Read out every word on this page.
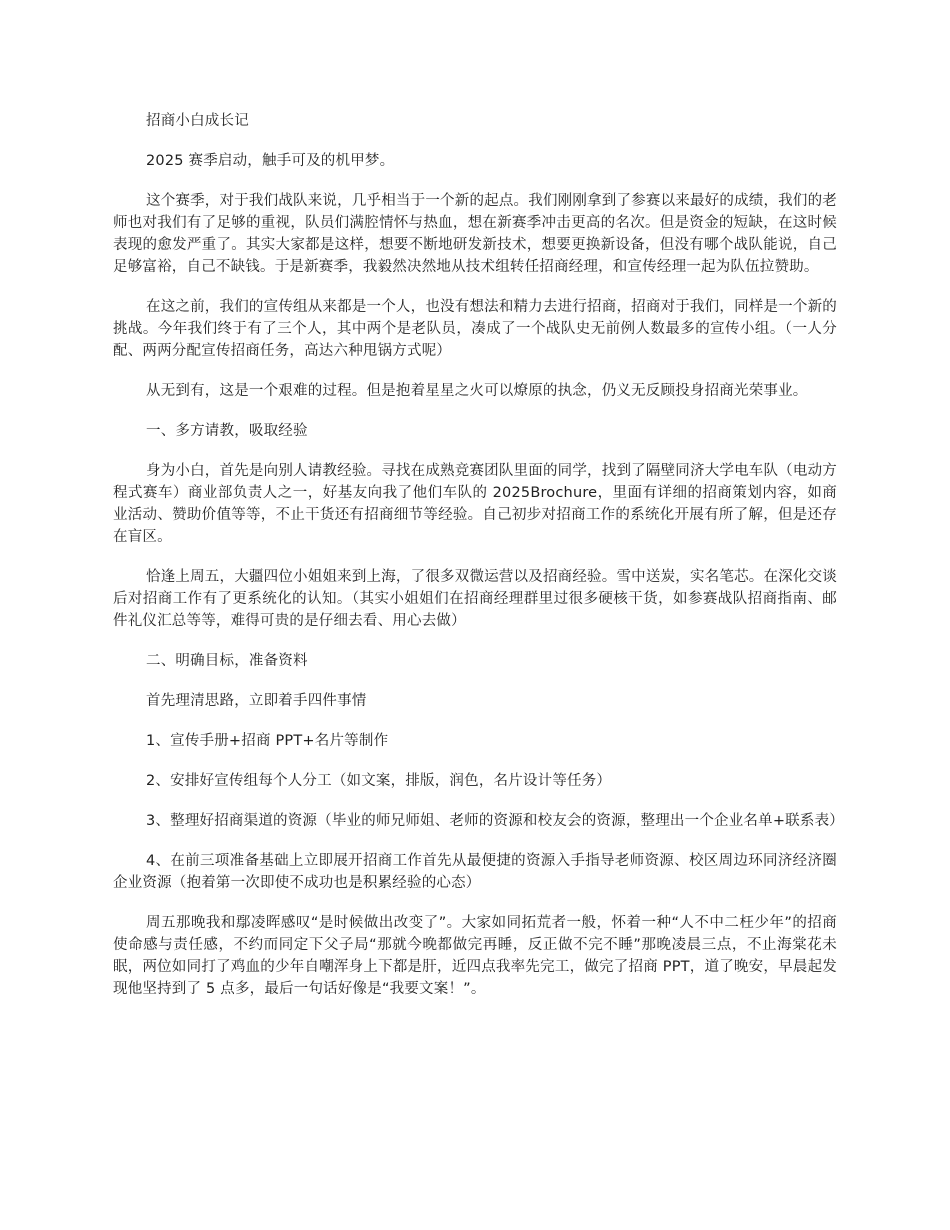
招商小白成长记

2025 赛季启动，触手可及的机甲梦。

这个赛季，对于我们战队来说，几乎相当于一个新的起点。我们刚刚拿到了参赛以来最好的成绩，我们的老师也对我们有了足够的重视，队员们满腔情怀与热血，想在新赛季冲击更高的名次。但是资金的短缺，在这时候表现的愈发严重了。其实大家都是这样，想要不断地研发新技术，想要更换新设备，但没有哪个战队能说，自己足够富裕，自己不缺钱。于是新赛季，我毅然决然地从技术组转任招商经理，和宣传经理一起为队伍拉赞助。

在这之前，我们的宣传组从来都是一个人，也没有想法和精力去进行招商，招商对于我们，同样是一个新的挑战。今年我们终于有了三个人，其中两个是老队员，凑成了一个战队史无前例人数最多的宣传小组。（一人分配、两两分配宣传招商任务，高达六种甩锅方式呢）

从无到有，这是一个艰难的过程。但是抱着星星之火可以燎原的执念，仍义无反顾投身招商光荣事业。

一、多方请教，吸取经验

身为小白，首先是向别人请教经验。寻找在成熟竞赛团队里面的同学，找到了隔壁同济大学电车队（电动方程式赛车）商业部负责人之一，好基友向我了他们车队的 2025Brochure，里面有详细的招商策划内容，如商业活动、赞助价值等等，不止干货还有招商细节等经验。自己初步对招商工作的系统化开展有所了解，但是还存在盲区。

恰逢上周五，大疆四位小姐姐来到上海，了很多双微运营以及招商经验。雪中送炭，实名笔芯。在深化交谈后对招商工作有了更系统化的认知。（其实小姐姐们在招商经理群里过很多硬核干货，如参赛战队招商指南、邮件礼仪汇总等等，难得可贵的是仔细去看、用心去做）

二、明确目标，准备资料

首先理清思路，立即着手四件事情

1、宣传手册+招商 PPT+名片等制作

2、安排好宣传组每个人分工（如文案，排版，润色，名片设计等任务）

3、整理好招商渠道的资源（毕业的师兄师姐、老师的资源和校友会的资源，整理出一个企业名单+联系表）

4、在前三项准备基础上立即展开招商工作首先从最便捷的资源入手指导老师资源、校区周边环同济经济圈企业资源（抱着第一次即使不成功也是积累经验的心态）

周五那晚我和鄢凌晖感叹“是时候做出改变了”。大家如同拓荒者一般，怀着一种“人不中二枉少年”的招商使命感与责任感，不约而同定下父子局“那就今晚都做完再睡，反正做不完不睡”那晚凌晨三点，不止海棠花未眠，两位如同打了鸡血的少年自嘲浑身上下都是肝，近四点我率先完工，做完了招商 PPT，道了晚安，早晨起发现他坚持到了 5 点多，最后一句话好像是“我要文案！”。
